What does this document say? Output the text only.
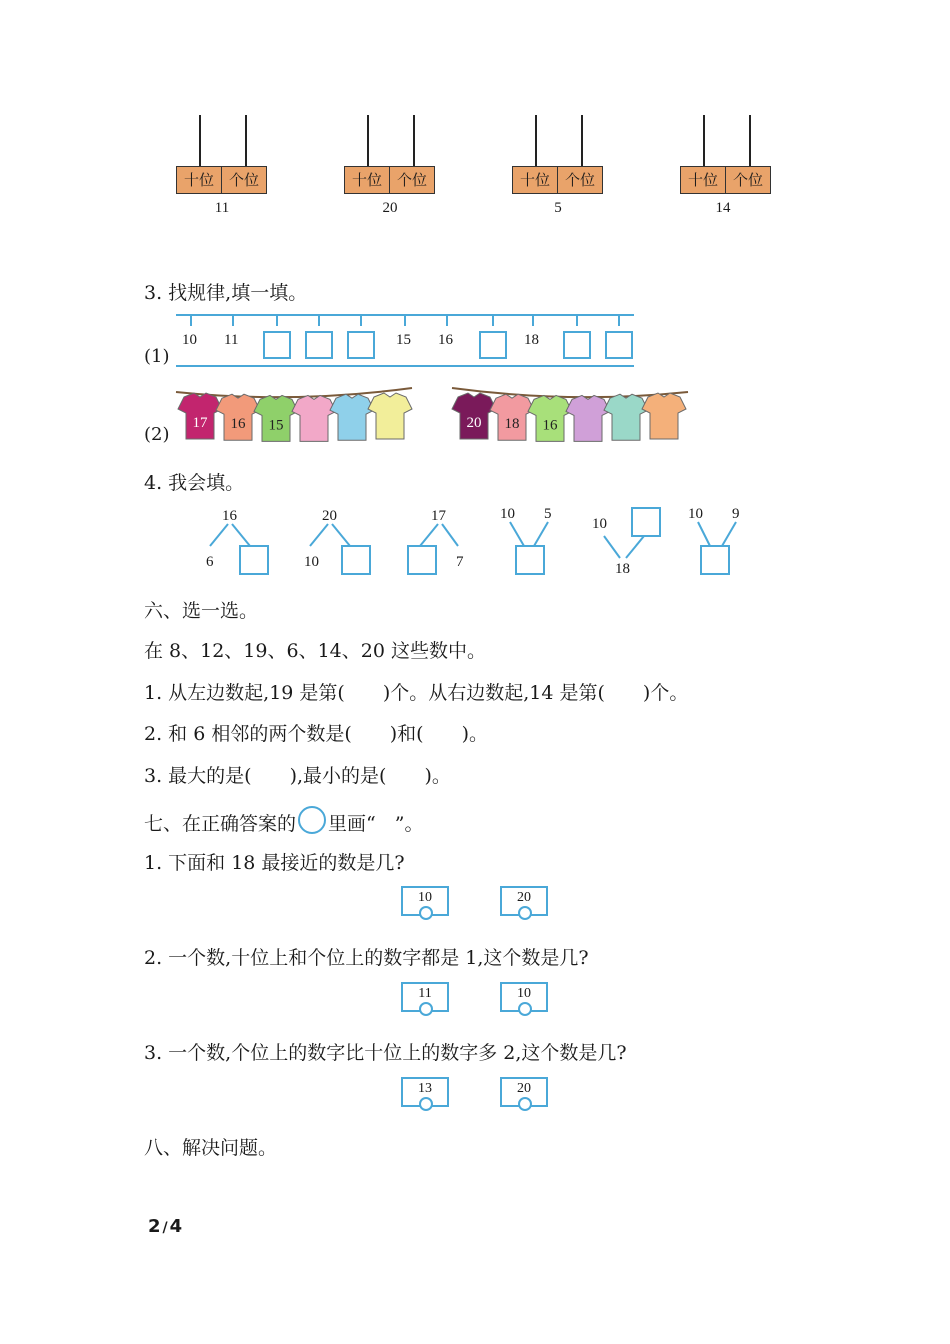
十位 个位
11
十位 个位
20
十位 个位
5
十位 个位
14
3. 找规律,填一填。
(1)
10 11	15 16	18
(2)
17 16 15	20 18 16
4. 我会填。
16
6
20
10
17
7
10 5
10
18
10 9
六、选一选。
在 8、12、19、6、14、20 这些数中。
1. 从左边数起,19 是第(　　)个。从右边数起,14 是第(　　)个。
2. 和 6 相邻的两个数是(　　)和(　　)。
3. 最大的是(　　),最小的是(　　)。
七、在正确答案的 里画“　”。
1. 下面和 18 最接近的数是几?
10	20
2. 一个数,十位上和个位上的数字都是 1,这个数是几?
11	10
3. 一个数,个位上的数字比十位上的数字多 2,这个数是几?
13	20
八、解决问题。
2 / 4
